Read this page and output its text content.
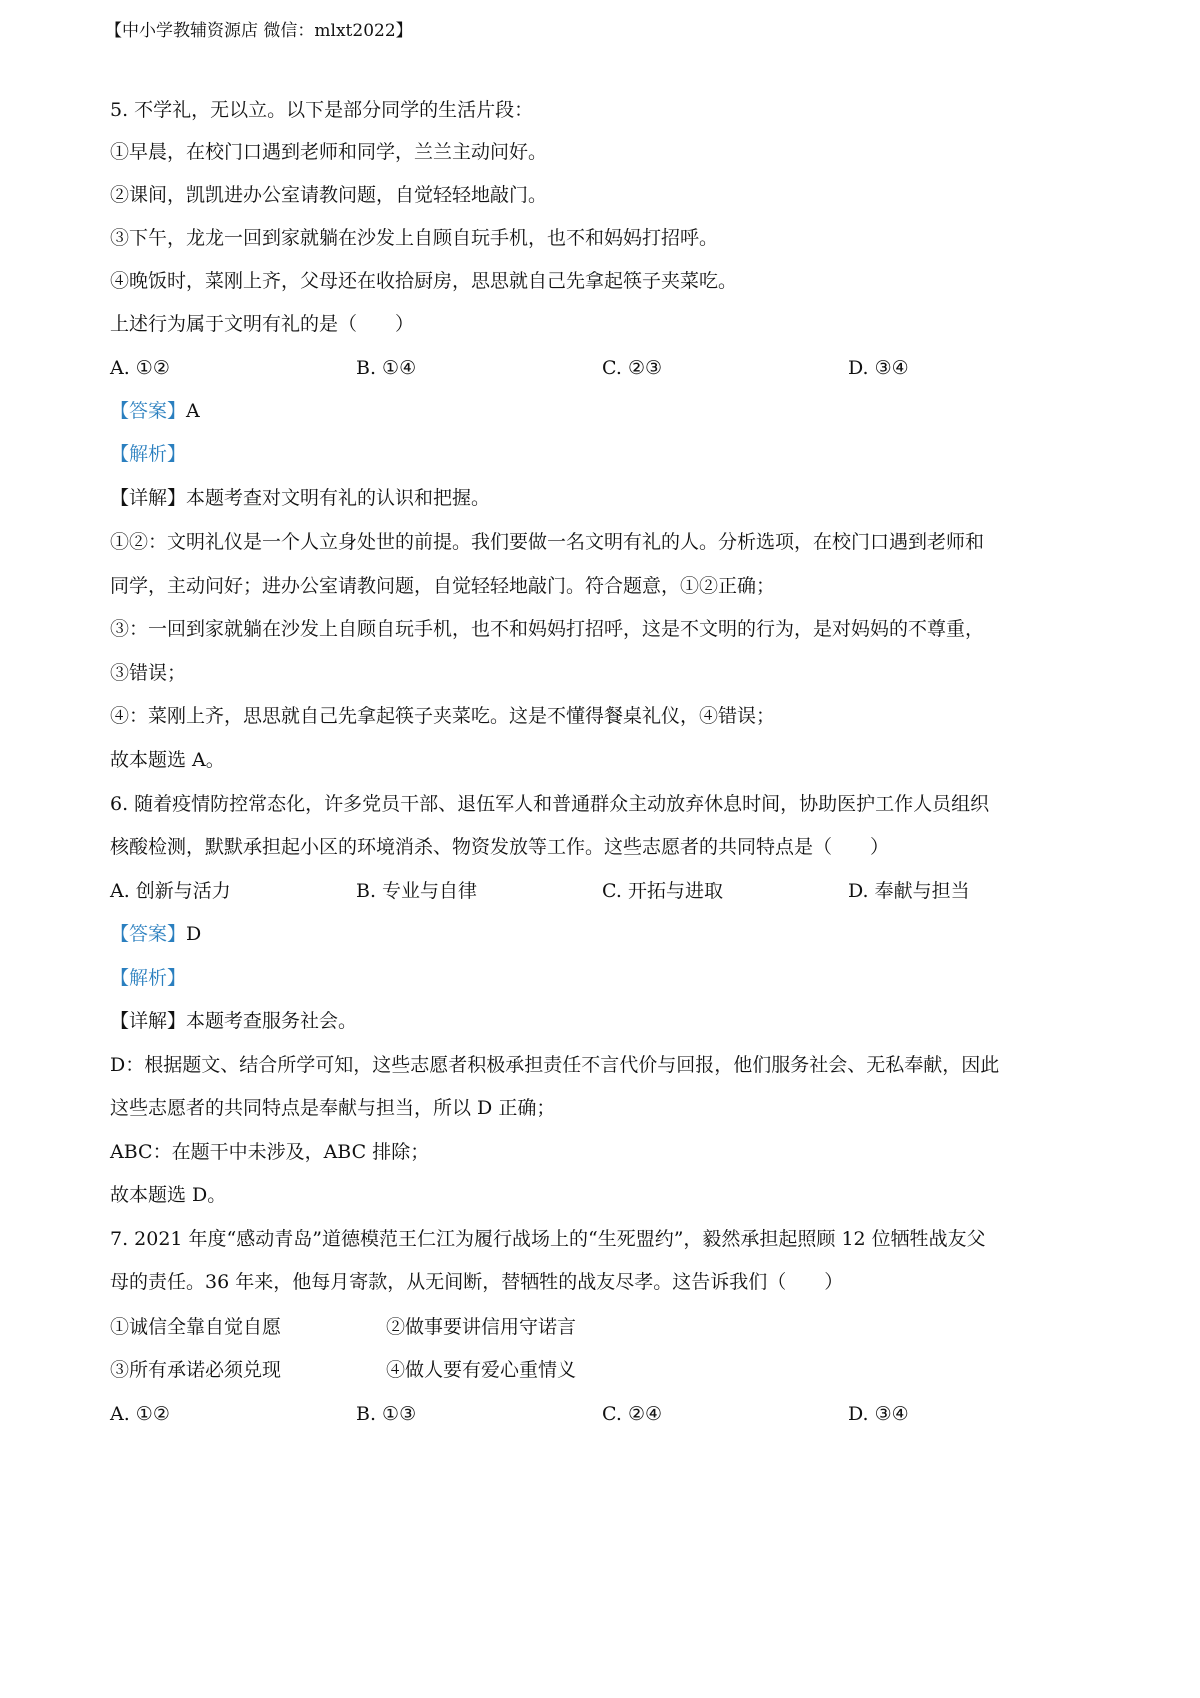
【中小学教辅资源店 微信：mlxt2022】
5. 不学礼，无以立。以下是部分同学的生活片段：
①早晨，在校门口遇到老师和同学，兰兰主动问好。
②课间，凯凯进办公室请教问题，自觉轻轻地敲门。
③下午，龙龙一回到家就躺在沙发上自顾自玩手机，也不和妈妈打招呼。
④晚饭时，菜刚上齐，父母还在收拾厨房，思思就自己先拿起筷子夹菜吃。
上述行为属于文明有礼的是（　　）
A. ①②	B. ①④	C. ②③	D. ③④
【答案】A
【解析】
【详解】本题考查对文明有礼的认识和把握。
①②：文明礼仪是一个人立身处世的前提。我们要做一名文明有礼的人。分析选项，在校门口遇到老师和
同学，主动问好；进办公室请教问题，自觉轻轻地敲门。符合题意，①②正确；
③：一回到家就躺在沙发上自顾自玩手机，也不和妈妈打招呼，这是不文明的行为，是对妈妈的不尊重，
③错误；
④：菜刚上齐，思思就自己先拿起筷子夹菜吃。这是不懂得餐桌礼仪，④错误；
故本题选 A。
6. 随着疫情防控常态化，许多党员干部、退伍军人和普通群众主动放弃休息时间，协助医护工作人员组织
核酸检测，默默承担起小区的环境消杀、物资发放等工作。这些志愿者的共同特点是（　　）
A. 创新与活力	B. 专业与自律	C. 开拓与进取	D. 奉献与担当
【答案】D
【解析】
【详解】本题考查服务社会。
D：根据题文、结合所学可知，这些志愿者积极承担责任不言代价与回报，他们服务社会、无私奉献，因此
这些志愿者的共同特点是奉献与担当，所以 D 正确；
ABC：在题干中未涉及，ABC 排除；
故本题选 D。
7. 2021 年度“感动青岛”道德模范王仁江为履行战场上的“生死盟约”，毅然承担起照顾 12 位牺牲战友父
母的责任。36 年来，他每月寄款，从无间断，替牺牲的战友尽孝。这告诉我们（　　）
①诚信全靠自觉自愿	②做事要讲信用守诺言
③所有承诺必须兑现	④做人要有爱心重情义
A. ①②	B. ①③	C. ②④	D. ③④
